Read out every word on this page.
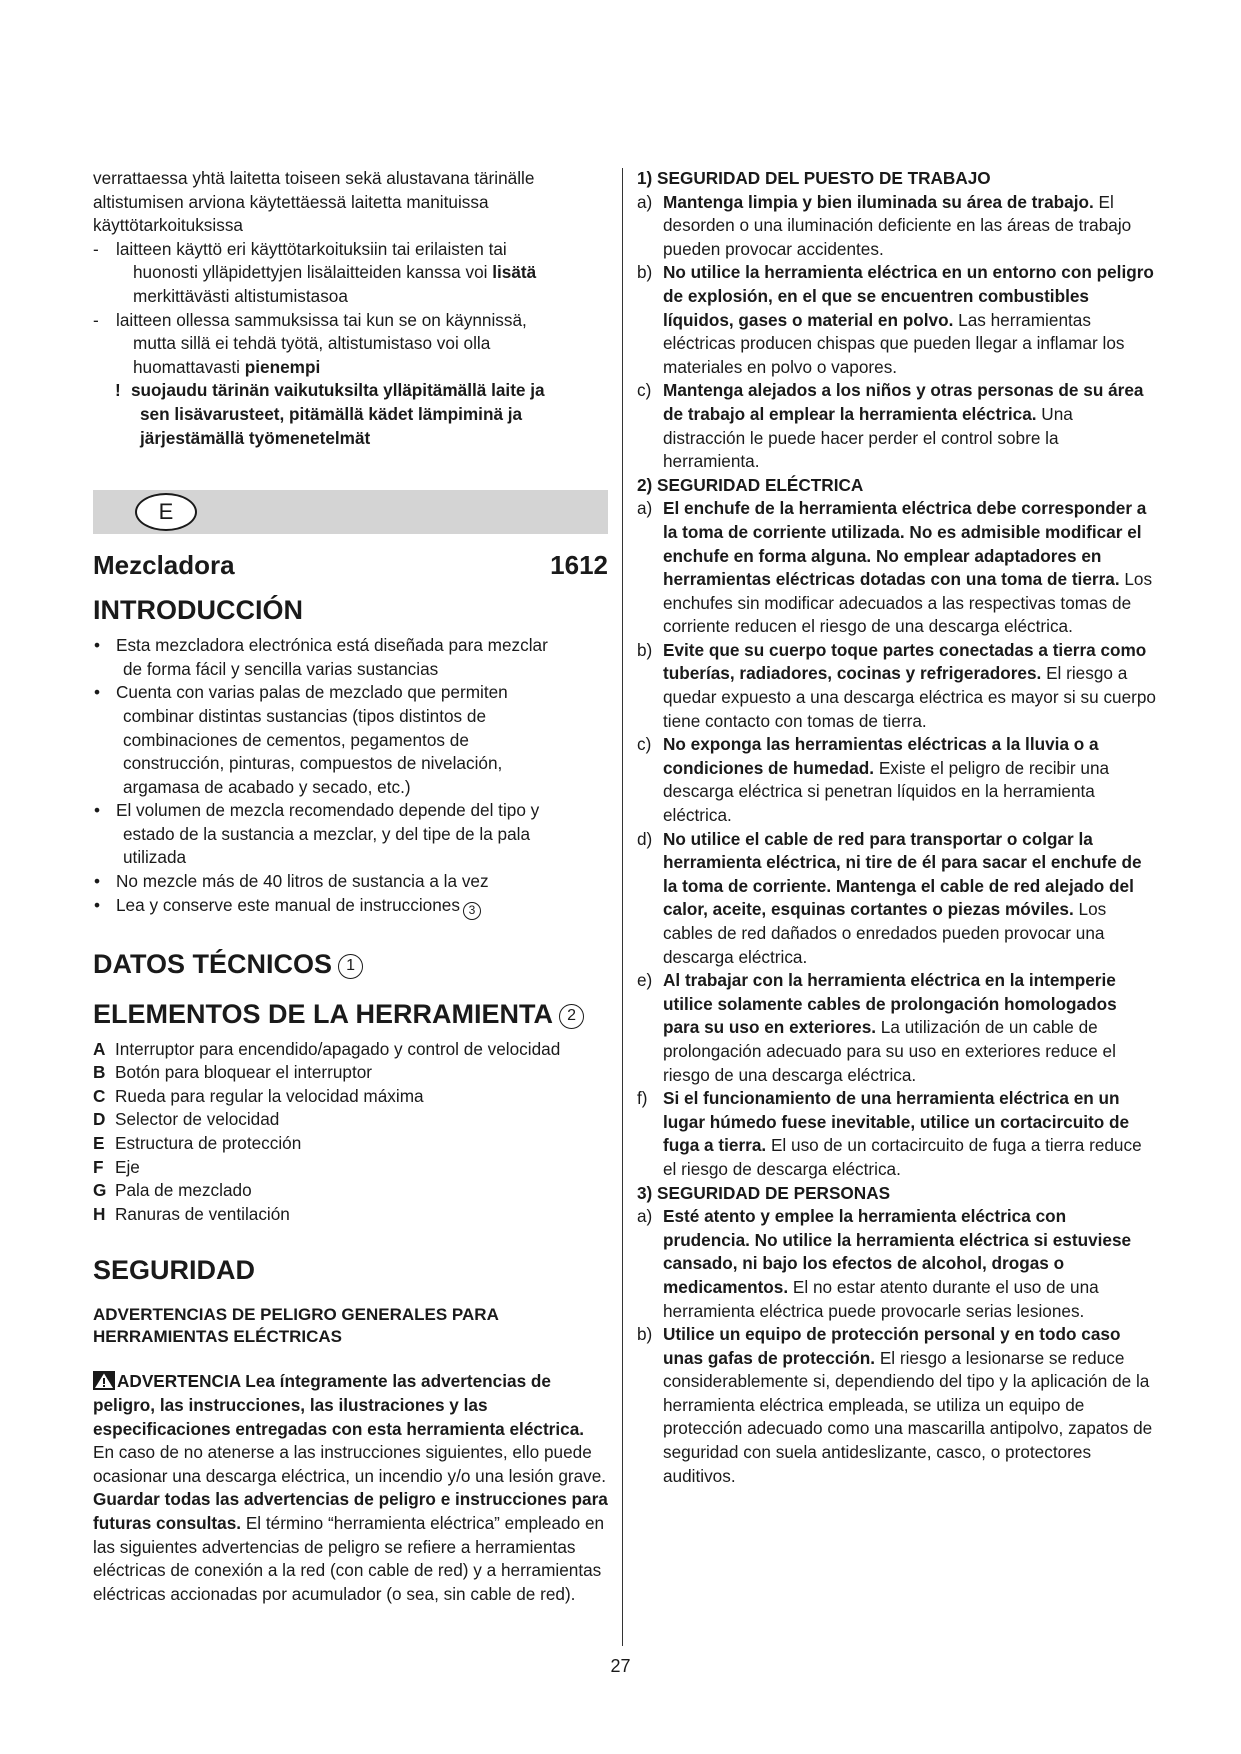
verrattaessa yhtä laitetta toiseen sekä alustavana tärinälle

altistumisen arviona käytettäessä laitetta manituissa

käyttötarkoituksissa

-	laitteen käyttö eri käyttötarkoituksiin tai erilaisten tai
huonosti ylläpidettyjen lisälaitteiden kanssa voi lisätä
merkittävästi altistumistasoa
-	laitteen ollessa sammuksissa tai kun se on käynnissä,
mutta sillä ei tehdä työtä, altistumistaso voi olla
huomattavasti pienempi
! suojaudu tärinän vaikutuksilta ylläpitämällä laite ja
sen lisävarusteet, pitämällä kädet lämpiminä ja
järjestämällä työmenetelmät
E
Mezcladora	1612
INTRODUCCIÓN
• Esta mezcladora electrónica está diseñada para mezclar
de forma fácil y sencilla varias sustancias
• Cuenta con varias palas de mezclado que permiten
combinar distintas sustancias (tipos distintos de
combinaciones de cementos, pegamentos de
construcción, pinturas, compuestos de nivelación,
argamasa de acabado y secado, etc.)
• El volumen de mezcla recomendado depende del tipo y
estado de la sustancia a mezclar, y del tipe de la pala
utilizada
• No mezcle más de 40 litros de sustancia a la vez
• Lea y conserve este manual de instrucciones 3
DATOS TÉCNICOS 1
ELEMENTOS DE LA HERRAMIENTA 2
A Interruptor para encendido/apagado y control de velocidad
B Botón para bloquear el interruptor
C Rueda para regular la velocidad máxima
D Selector de velocidad
E Estructura de protección
F Eje
G Pala de mezclado
H Ranuras de ventilación
SEGURIDAD
ADVERTENCIAS DE PELIGRO GENERALES PARA
HERRAMIENTAS ELÉCTRICAS

ADVERTENCIA Lea íntegramente las advertencias de peligro, las instrucciones, las ilustraciones y las especificaciones entregadas con esta herramienta eléctrica. En caso de no atenerse a las instrucciones siguientes, ello puede ocasionar una descarga eléctrica, un incendio y/o una lesión grave. Guardar todas las advertencias de peligro e instrucciones para futuras consultas. El término “herramienta eléctrica” empleado en las siguientes advertencias de peligro se refiere a herramientas eléctricas de conexión a la red (con cable de red) y a herramientas eléctricas accionadas por acumulador (o sea, sin cable de red).

1) SEGURIDAD DEL PUESTO DE TRABAJO
a) Mantenga limpia y bien iluminada su área de trabajo. El desorden o una iluminación deficiente en las áreas de trabajo pueden provocar accidentes.
b) No utilice la herramienta eléctrica en un entorno con peligro de explosión, en el que se encuentren combustibles líquidos, gases o material en polvo. Las herramientas eléctricas producen chispas que pueden llegar a inflamar los materiales en polvo o vapores.
c) Mantenga alejados a los niños y otras personas de su área de trabajo al emplear la herramienta eléctrica. Una distracción le puede hacer perder el control sobre la herramienta.
2) SEGURIDAD ELÉCTRICA
a) El enchufe de la herramienta eléctrica debe corresponder a la toma de corriente utilizada. No es admisible modificar el enchufe en forma alguna. No emplear adaptadores en herramientas eléctricas dotadas con una toma de tierra. Los enchufes sin modificar adecuados a las respectivas tomas de corriente reducen el riesgo de una descarga eléctrica.
b) Evite que su cuerpo toque partes conectadas a tierra como tuberías, radiadores, cocinas y refrigeradores. El riesgo a quedar expuesto a una descarga eléctrica es mayor si su cuerpo tiene contacto con tomas de tierra.
c) No exponga las herramientas eléctricas a la lluvia o a condiciones de humedad. Existe el peligro de recibir una descarga eléctrica si penetran líquidos en la herramienta eléctrica.
d) No utilice el cable de red para transportar o colgar la herramienta eléctrica, ni tire de él para sacar el enchufe de la toma de corriente. Mantenga el cable de red alejado del calor, aceite, esquinas cortantes o piezas móviles. Los cables de red dañados o enredados pueden provocar una descarga eléctrica.
e) Al trabajar con la herramienta eléctrica en la intemperie utilice solamente cables de prolongación homologados para su uso en exteriores. La utilización de un cable de prolongación adecuado para su uso en exteriores reduce el riesgo de una descarga eléctrica.
f) Si el funcionamiento de una herramienta eléctrica en un lugar húmedo fuese inevitable, utilice un cortacircuito de fuga a tierra. El uso de un cortacircuito de fuga a tierra reduce el riesgo de descarga eléctrica.
3) SEGURIDAD DE PERSONAS
a) Esté atento y emplee la herramienta eléctrica con prudencia. No utilice la herramienta eléctrica si estuviese cansado, ni bajo los efectos de alcohol, drogas o medicamentos. El no estar atento durante el uso de una herramienta eléctrica puede provocarle serias lesiones.
b) Utilice un equipo de protección personal y en todo caso unas gafas de protección. El riesgo a lesionarse se reduce considerablemente si, dependiendo del tipo y la aplicación de la herramienta eléctrica empleada, se utiliza un equipo de protección adecuado como una mascarilla antipolvo, zapatos de seguridad con suela antideslizante, casco, o protectores auditivos.
27
